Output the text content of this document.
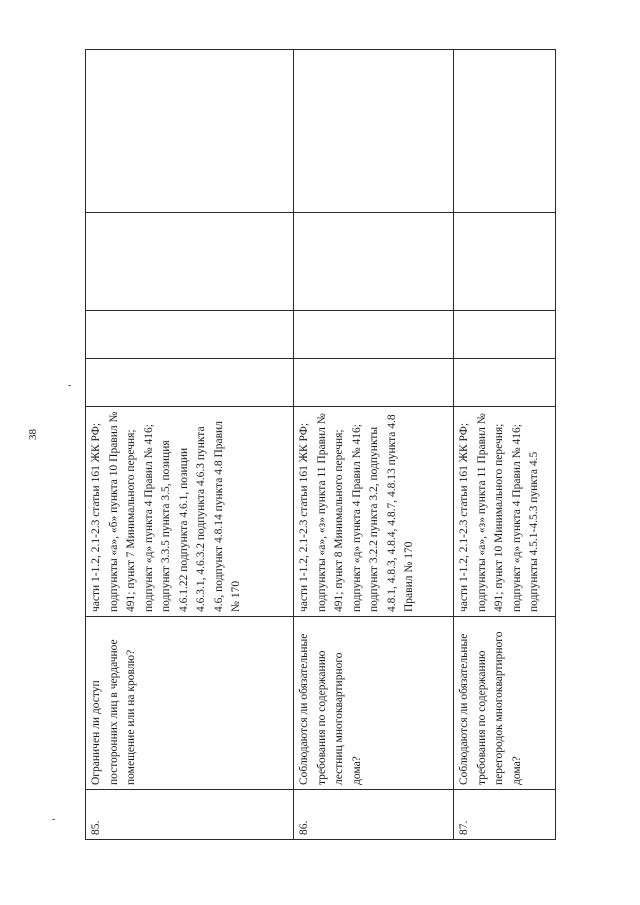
38
-
-
85.	Ограничен ли доступ посторонних лиц в чердачное помещение или на кровлю?	части 1-1.2, 2.1-2.3 статьи 161 ЖК РФ; подпункты «а», «б» пункта 10 Правил № 491; пункт 7 Минимального перечня; подпункт «д» пункта 4 Правил № 416; подпункт 3.3.5 пункта 3.5, позиция 4.6.1.22 подпункта 4.6.1, позиции 4.6.3.1, 4.6.3.2 подпункта 4.6.3 пункта 4.6, подпункт 4.8.14 пункта 4.8 Правил № 170				

86.	Соблюдаются ли обязательные требования по содержанию лестниц многоквартирного дома?	части 1-1.2, 2.1-2.3 статьи 161 ЖК РФ; подпункты «а», «з» пункта 11 Правил № 491; пункт 8 Минимального перечня; подпункт «д» пункта 4 Правил № 416; подпункт 3.2.2 пункта 3.2, подпункты 4.8.1, 4.8.3, 4.8.4, 4.8.7, 4.8.13 пункта 4.8 Правил № 170				

87.	Соблюдаются ли обязательные требования по содержанию перегородок многоквартирного дома?	части 1-1.2, 2.1-2.3 статьи 161 ЖК РФ; подпункты «а», «з» пункта 11 Правил № 491; пункт 10 Минимального перечня; подпункт «д» пункта 4 Правил № 416; подпункты 4.5.1-4.5.3 пункта 4.5				
